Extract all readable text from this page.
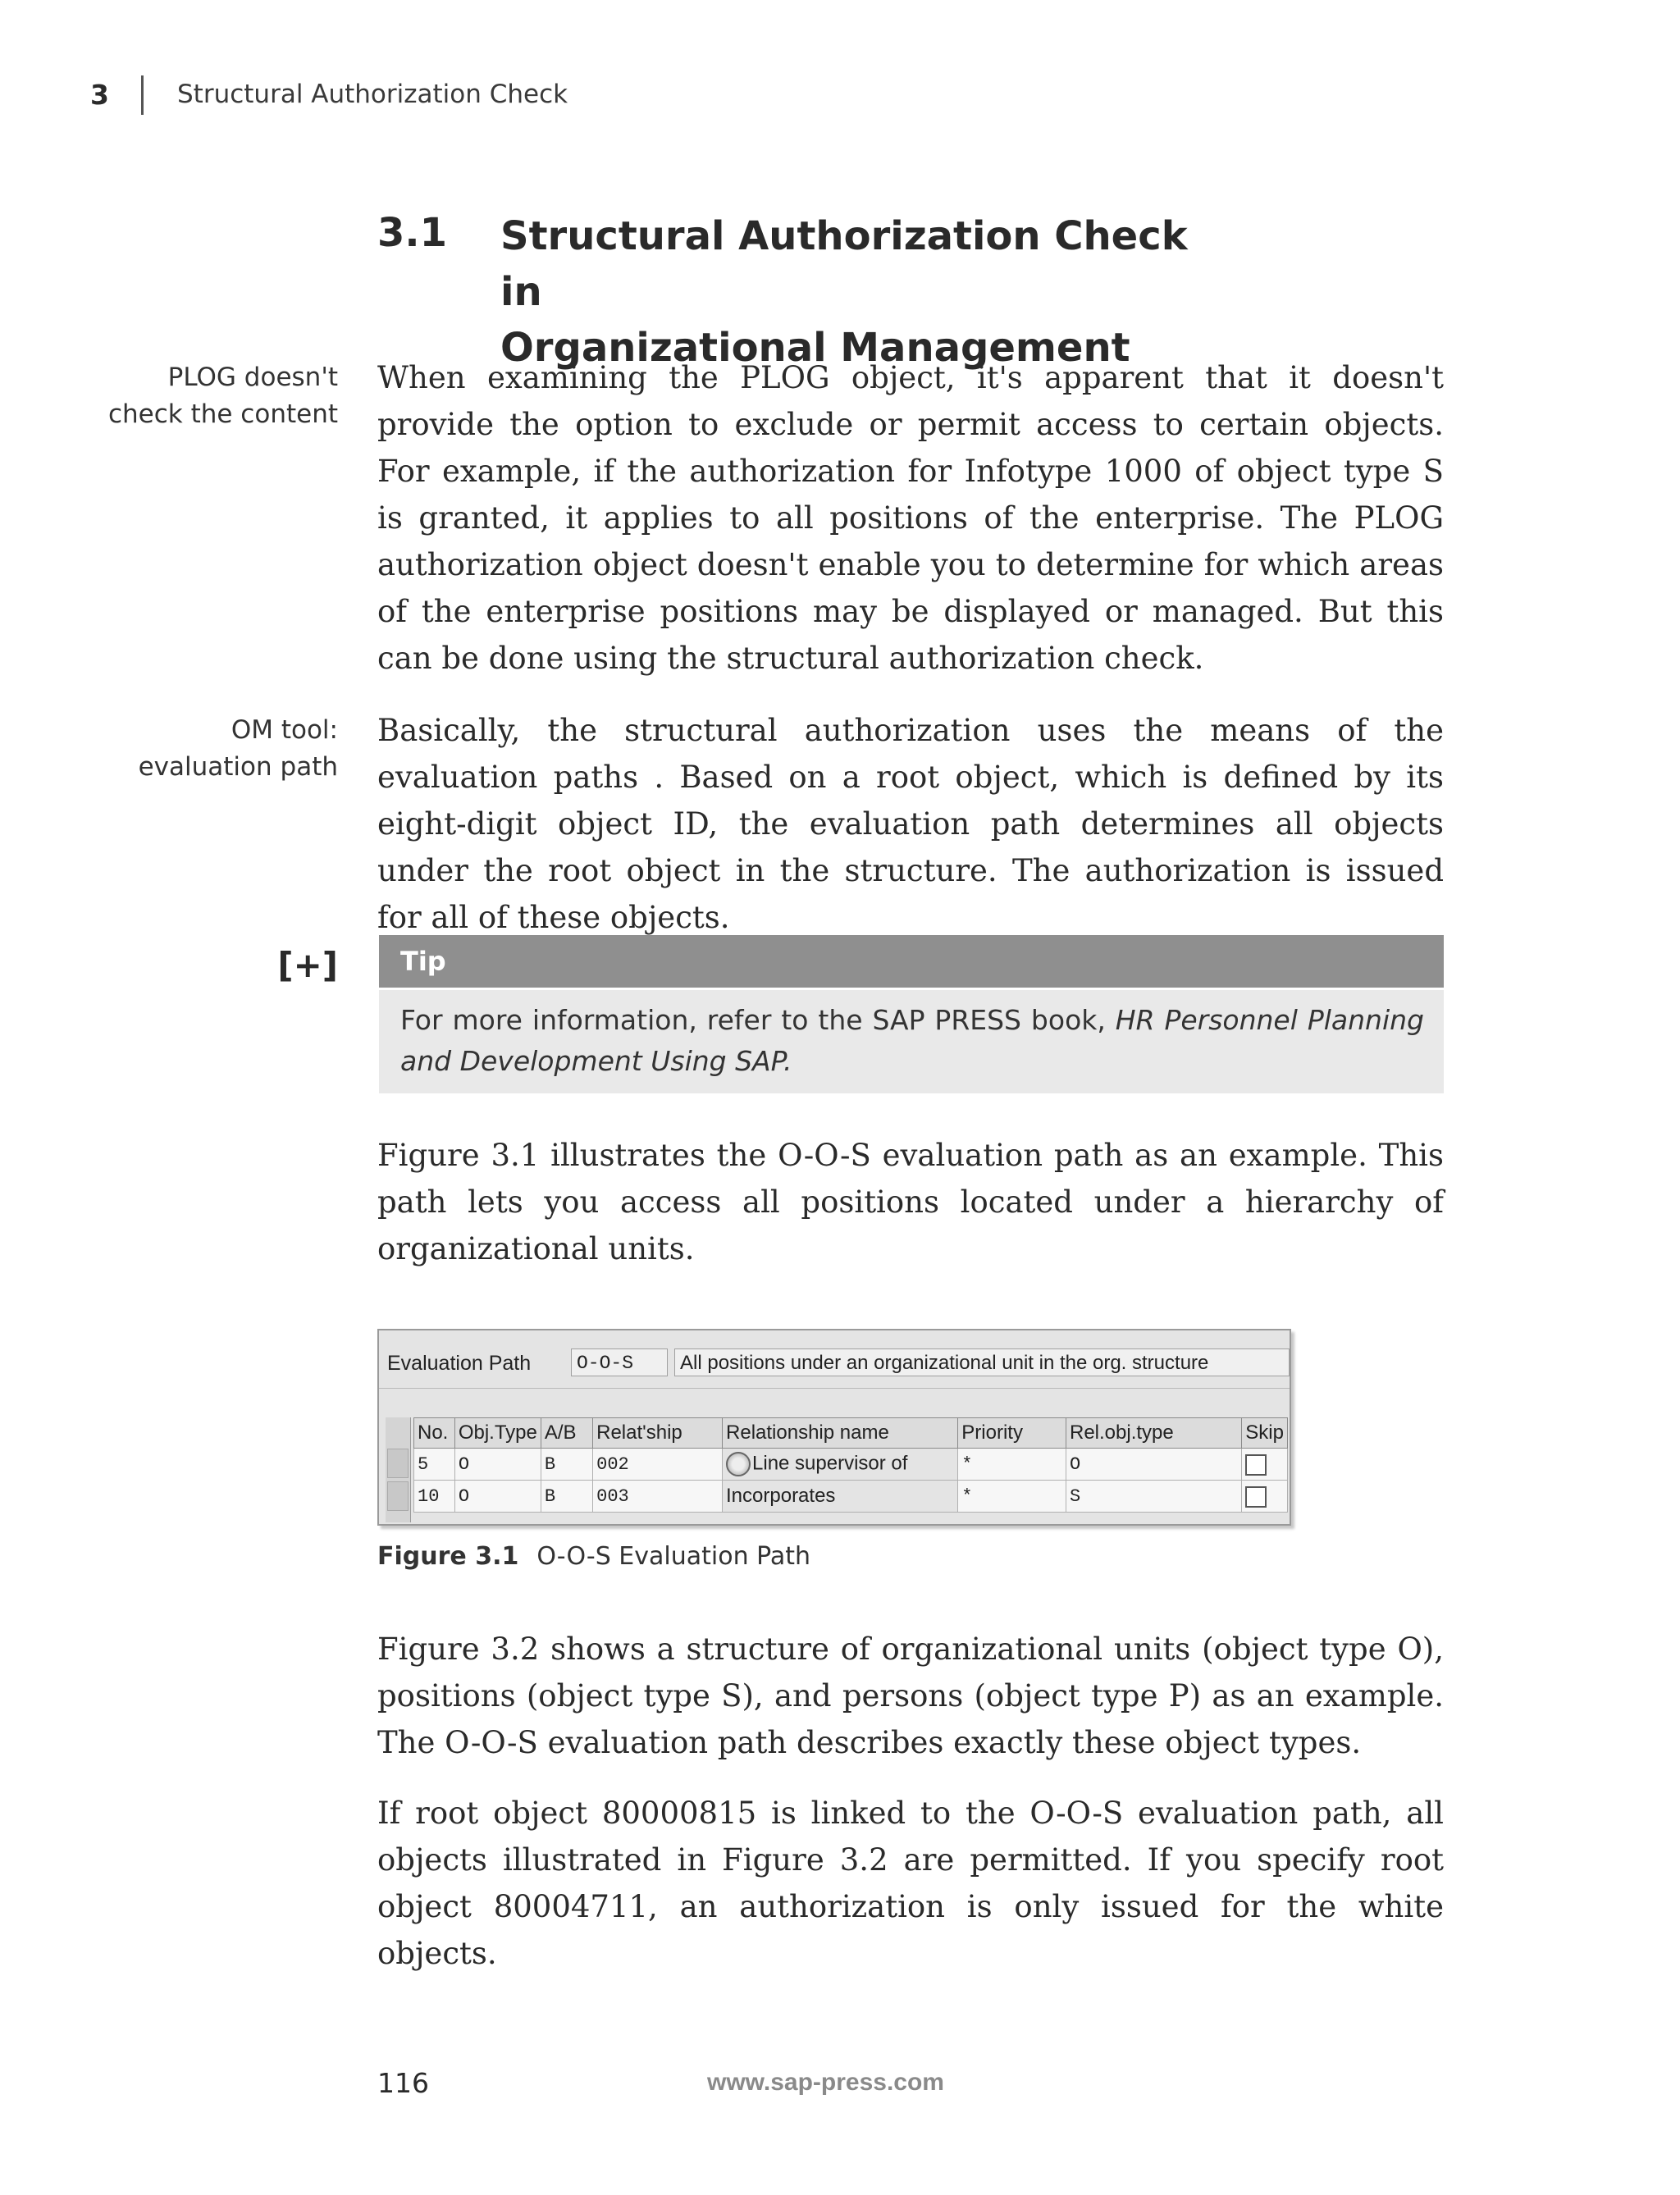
3	Structural Authorization Check
3.1 Structural Authorization Check in
Organizational Management
PLOG doesn't
check the content
When examining the PLOG object, it's apparent that it doesn't provide the option to exclude or permit access to certain objects. For example, if the authorization for Infotype 1000 of object type S is granted, it applies to all positions of the enterprise. The PLOG authorization object doesn't enable you to determine for which areas of the enterprise positions may be displayed or managed. But this can be done using the structural authorization check.
OM tool:
evaluation path
Basically, the structural authorization uses the means of the evaluation paths . Based on a root object, which is defined by its eight-digit object ID, the evaluation path determines all objects under the root object in the structure. The authorization is issued for all of these objects.
[+]	Tip
For more information, refer to the SAP PRESS book, HR Personnel Planning and Development Using SAP.
Figure 3.1 illustrates the O-O-S evaluation path as an example. This path lets you access all positions located under a hierarchy of organizational units.
Evaluation Path	O-O-S	All positions under an organizational unit in the org. structure
No.	Obj.Type	A/B	Relat'ship	Relationship name	Priority	Rel.obj.type	Skip
5	O	B	002	Line supervisor of	*	O	
10	O	B	003	Incorporates	*	S	
Figure 3.1 O-O-S Evaluation Path
Figure 3.2 shows a structure of organizational units (object type O), positions (object type S), and persons (object type P) as an example. The O-O-S evaluation path describes exactly these object types.
If root object 80000815 is linked to the O-O-S evaluation path, all objects illustrated in Figure 3.2 are permitted. If you specify root object 80004711, an authorization is only issued for the white objects.
116	www.sap-press.com
